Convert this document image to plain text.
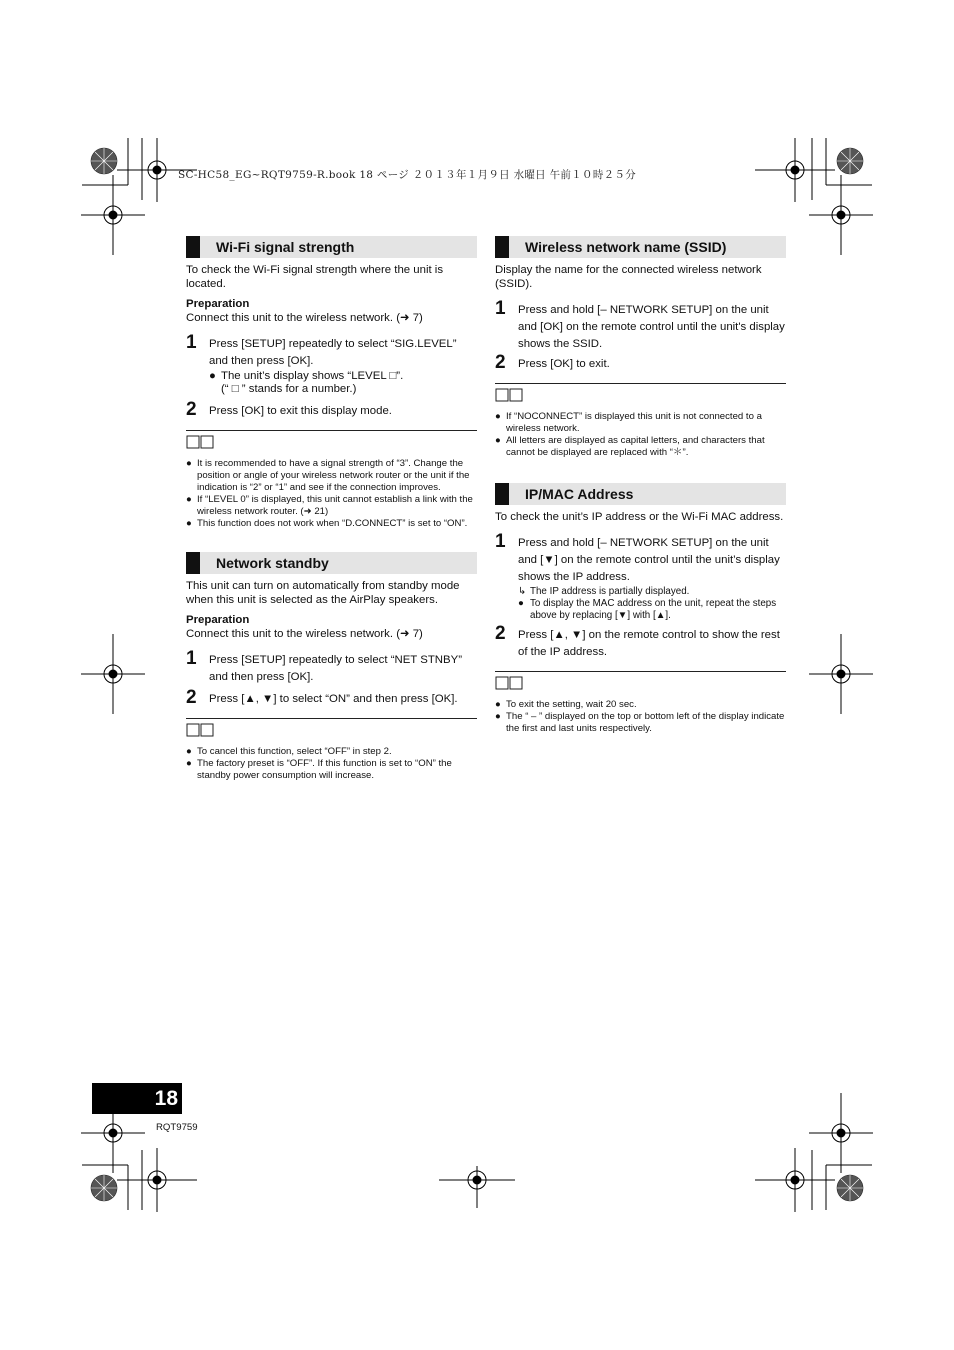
SC-HC58_EG~RQT9759-R.book 18 ページ ２０１３年１月９日 水曜日 午前１０時２５分
Wi-Fi signal strength
To check the Wi-Fi signal strength where the unit is located.
Preparation
Connect this unit to the wireless network. (➜ 7)
1	Press [SETUP] repeatedly to select “SIG.LEVEL” and then press [OK].
● The unit’s display shows “LEVEL □”.
(“ □ ” stands for a number.)
2	Press [OK] to exit this display mode.
● It is recommended to have a signal strength of “3”. Change the position or angle of your wireless network router or the unit if the indication is “2” or “1” and see if the connection improves.
● If “LEVEL 0” is displayed, this unit cannot establish a link with the wireless network router. (➜ 21)
● This function does not work when “D.CONNECT” is set to “ON”.
Network standby
This unit can turn on automatically from standby mode when this unit is selected as the AirPlay speakers.
Preparation
Connect this unit to the wireless network. (➜ 7)
1	Press [SETUP] repeatedly to select “NET STNBY” and then press [OK].
2	Press [▲, ▼] to select “ON” and then press [OK].
● To cancel this function, select “OFF” in step 2.
● The factory preset is “OFF”. If this function is set to “ON” the standby power consumption will increase.
Wireless network name (SSID)
Display the name for the connected wireless network (SSID).
1	Press and hold [– NETWORK SETUP] on the unit and [OK] on the remote control until the unit's display shows the SSID.
2	Press [OK] to exit.
● If “NOCONNECT” is displayed this unit is not connected to a wireless network.
● All letters are displayed as capital letters, and characters that cannot be displayed are replaced with “＊”.
IP/MAC Address
To check the unit’s IP address or the Wi-Fi MAC address.
1	Press and hold [– NETWORK SETUP] on the unit and [▼] on the remote control until the unit’s display shows the IP address.
↳ The IP address is partially displayed.
● To display the MAC address on the unit, repeat the steps above by replacing [▼] with [▲].
2	Press [▲, ▼] on the remote control to show the rest of the IP address.
● To exit the setting, wait 20 sec.
● The “ – ” displayed on the top or bottom left of the display indicate the first and last units respectively.
18
RQT9759
